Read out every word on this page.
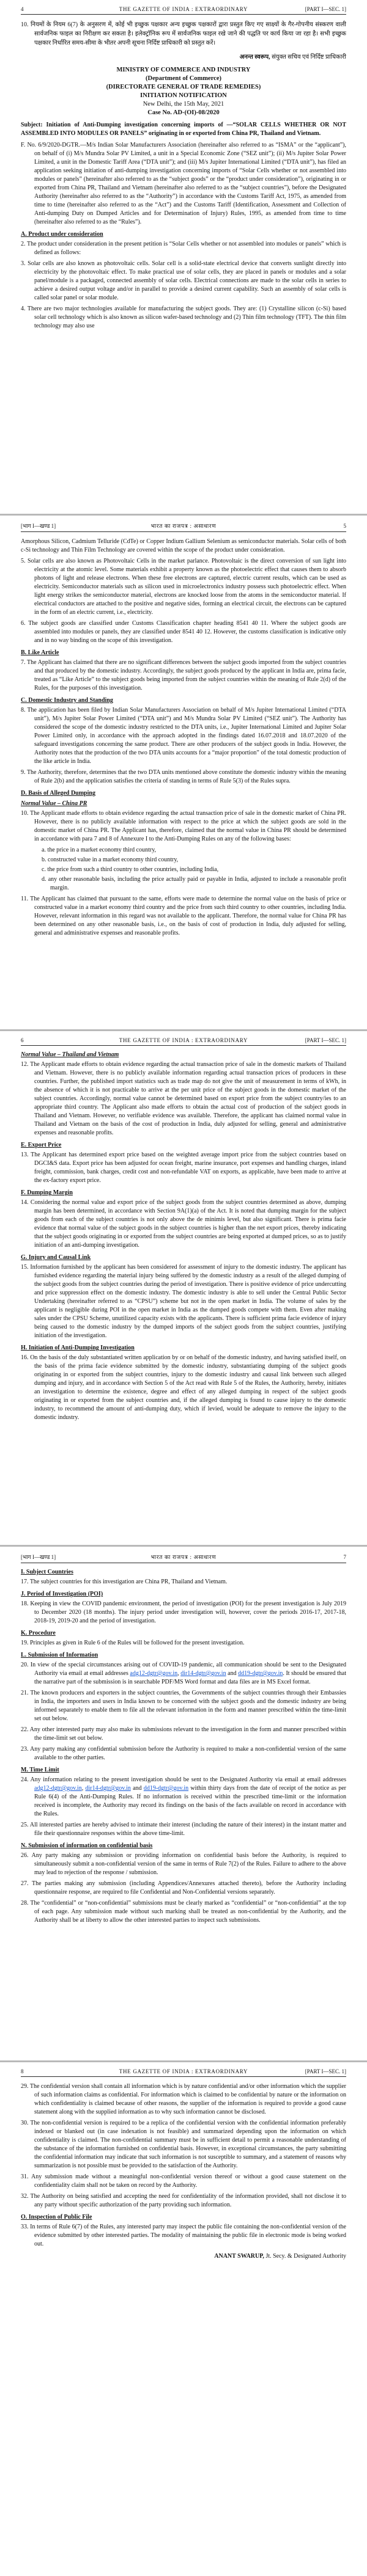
4	THE GAZETTE OF INDIA : EXTRAORDINARY	[PART I—SEC. 1]
10. नियमों के नियम 6(7) के अनुसरण में, कोई भी इच्छुक पक्षकार अन्य इच्छुक पक्षकारों द्वारा प्रस्तुत किए गए साक्ष्यों के गैर-गोपनीय संस्करण वाली सार्वजनिक फाइल का निरीक्षण कर सकता है। इलेक्ट्रॉनिक रूप में सार्वजनिक फाइल रखे जाने की पद्धति पर कार्य किया जा रहा है। सभी इच्छुक पक्षकार निर्धारित समय-सीमा के भीतर अपनी सूचना निर्दिष्ट प्राधिकारी को प्रस्तुत करें।
अनन्त स्वरूप, संयुक्त सचिव एवं निर्दिष्ट प्राधिकारी
MINISTRY OF COMMERCE AND INDUSTRY
(Department of Commerce)
(DIRECTORATE GENERAL OF TRADE REMEDIES)
INITIATION NOTIFICATION
New Delhi, the 15th May, 2021
Case No. AD-(OI)-08/2020
Subject: Initiation of Anti-Dumping investigation concerning imports of —“SOLAR CELLS WHETHER OR NOT ASSEMBLED INTO MODULES OR PANELS” originating in or exported from China PR, Thailand and Vietnam.
F. No. 6/9/2020-DGTR.—M/s Indian Solar Manufacturers Association (hereinafter also referred to as “ISMA” or the “applicant”), on behalf of (i) M/s Mundra Solar PV Limited, a unit in a Special Economic Zone (“SEZ unit”); (ii) M/s Jupiter Solar Power Limited, a unit in the Domestic Tariff Area (“DTA unit”); and (iii) M/s Jupiter International Limited (“DTA unit”), has filed an application seeking initiation of anti-dumping investigation concerning imports of “Solar Cells whether or not assembled into modules or panels” (hereinafter also referred to as the “subject goods” or the “product under consideration”), originating in or exported from China PR, Thailand and Vietnam (hereinafter also referred to as the “subject countries”), before the Designated Authority (hereinafter also referred to as the “Authority”) in accordance with the Customs Tariff Act, 1975, as amended from time to time (hereinafter also referred to as the “Act”) and the Customs Tariff (Identification, Assessment and Collection of Anti-dumping Duty on Dumped Articles and for Determination of Injury) Rules, 1995, as amended from time to time (hereinafter also referred to as the “Rules”).
A. Product under consideration
2. The product under consideration in the present petition is “Solar Cells whether or not assembled into modules or panels” which is defined as follows:
3. Solar cells are also known as photovoltaic cells. Solar cell is a solid-state electrical device that converts sunlight directly into electricity by the photovoltaic effect. To make practical use of solar cells, they are placed in panels or modules and a solar panel/module is a packaged, connected assembly of solar cells. Electrical connections are made to the solar cells in series to achieve a desired output voltage and/or in parallel to provide a desired current capability. Such an assembly of solar cells is called solar panel or solar module.
4. There are two major technologies available for manufacturing the subject goods. They are: (1) Crystalline silicon (c-Si) based solar cell technology which is also known as silicon wafer-based technology and (2) Thin film technology (TFT). The thin film technology may also use
[भाग I—खण्ड 1]	भारत का राजपत्र : असाधारण	5
Amorphous Silicon, Cadmium Telluride (CdTe) or Copper Indium Gallium Selenium as semiconductor materials. Solar cells of both c-Si technology and Thin Film Technology are covered within the scope of the product under consideration.
5. Solar cells are also known as Photovoltaic Cells in the market parlance. Photovoltaic is the direct conversion of sun light into electricity at the atomic level. Some materials exhibit a property known as the photoelectric effect that causes them to absorb photons of light and release electrons. When these free electrons are captured, electric current results, which can be used as electricity. Semiconductor materials such as silicon used in microelectronics industry possess such photoelectric effect. When light energy strikes the semiconductor material, electrons are knocked loose from the atoms in the semiconductor material. If electrical conductors are attached to the positive and negative sides, forming an electrical circuit, the electrons can be captured in the form of an electric current, i.e., electricity.
6. The subject goods are classified under Customs Classification chapter heading 8541 40 11. Where the subject goods are assembled into modules or panels, they are classified under 8541 40 12. However, the customs classification is indicative only and in no way binding on the scope of this investigation.
B. Like Article
7. The Applicant has claimed that there are no significant differences between the subject goods imported from the subject countries and that produced by the domestic industry. Accordingly, the subject goods produced by the applicant in India are, prima facie, treated as “Like Article” to the subject goods being imported from the subject countries within the meaning of Rule 2(d) of the Rules, for the purposes of this investigation.
C. Domestic Industry and Standing
8. The application has been filed by Indian Solar Manufacturers Association on behalf of M/s Jupiter International Limited (“DTA unit”), M/s Jupiter Solar Power Limited (“DTA unit”) and M/s Mundra Solar PV Limited (“SEZ unit”). The Authority has considered the scope of the domestic industry restricted to the DTA units, i.e., Jupiter International Limited and Jupiter Solar Power Limited only, in accordance with the approach adopted in the findings dated 16.07.2018 and 18.07.2020 of the safeguard investigations concerning the same product. There are other producers of the subject goods in India. However, the Authority notes that the production of the two DTA units accounts for a “major proportion” of the total domestic production of the like article in India.
9. The Authority, therefore, determines that the two DTA units mentioned above constitute the domestic industry within the meaning of Rule 2(b) and the application satisfies the criteria of standing in terms of Rule 5(3) of the Rules supra.
D. Basis of Alleged Dumping
Normal Value – China PR
10. The Applicant made efforts to obtain evidence regarding the actual transaction price of sale in the domestic market of China PR. However, there is no publicly available information with respect to the price at which the subject goods are sold in the domestic market of China PR. The Applicant has, therefore, claimed that the normal value in China PR should be determined in accordance with para 7 and 8 of Annexure I to the Anti-Dumping Rules on any of the following bases:
a. the price in a market economy third country,
b. constructed value in a market economy third country,
c. the price from such a third country to other countries, including India,
d. any other reasonable basis, including the price actually paid or payable in India, adjusted to include a reasonable profit margin.
11. The Applicant has claimed that pursuant to the same, efforts were made to determine the normal value on the basis of price or constructed value in a market economy third country and the price from such third country to other countries, including India. However, relevant information in this regard was not available to the applicant. Therefore, the normal value for China PR has been determined on any other reasonable basis, i.e., on the basis of cost of production in India, duly adjusted for selling, general and administrative expenses and reasonable profits.
6	THE GAZETTE OF INDIA : EXTRAORDINARY	[PART I—SEC. 1]
Normal Value – Thailand and Vietnam
12. The Applicant made efforts to obtain evidence regarding the actual transaction price of sale in the domestic markets of Thailand and Vietnam. However, there is no publicly available information regarding actual transaction prices of producers in these countries. Further, the published import statistics such as trade map do not give the unit of measurement in terms of kWh, in the absence of which it is not practicable to arrive at the per unit price of the subject goods in the domestic market of the subject countries. Accordingly, normal value cannot be determined based on export price from the subject country/ies to an appropriate third country. The Applicant also made efforts to obtain the actual cost of production of the subject goods in Thailand and Vietnam. However, no verifiable evidence was available. Therefore, the applicant has claimed normal value in Thailand and Vietnam on the basis of the cost of production in India, duly adjusted for selling, general and administrative expenses and reasonable profits.
E. Export Price
13. The Applicant has determined export price based on the weighted average import price from the subject countries based on DGCI&S data. Export price has been adjusted for ocean freight, marine insurance, port expenses and handling charges, inland freight, commission, bank charges, credit cost and non-refundable VAT on exports, as applicable, have been made to arrive at the ex-factory export price.
F. Dumping Margin
14. Considering the normal value and export price of the subject goods from the subject countries determined as above, dumping margin has been determined, in accordance with Section 9A(1)(a) of the Act. It is noted that dumping margin for the subject goods from each of the subject countries is not only above the de minimis level, but also significant. There is prima facie evidence that normal value of the subject goods in the subject countries is higher than the net export prices, thereby indicating that the subject goods originating in or exported from the subject countries are being exported at dumped prices, so as to justify initiation of an anti-dumping investigation.
G. Injury and Causal Link
15. Information furnished by the applicant has been considered for assessment of injury to the domestic industry. The applicant has furnished evidence regarding the material injury being suffered by the domestic industry as a result of the alleged dumping of the subject goods from the subject countries during the period of investigation. There is positive evidence of price undercutting and price suppression effect on the domestic industry. The domestic industry is able to sell under the Central Public Sector Undertaking (hereinafter referred to as “CPSU”) scheme but not in the open market in India. The volume of sales by the applicant is negligible during POI in the open market in India as the dumped goods compete with them. Even after making sales under the CPSU Scheme, unutilized capacity exists with the applicants. There is sufficient prima facie evidence of injury being caused to the domestic industry by the dumped imports of the subject goods from the subject countries, justifying initiation of the investigation.
H. Initiation of Anti-Dumping Investigation
16. On the basis of the duly substantiated written application by or on behalf of the domestic industry, and having satisfied itself, on the basis of the prima facie evidence submitted by the domestic industry, substantiating dumping of the subject goods originating in or exported from the subject countries, injury to the domestic industry and causal link between such alleged dumping and injury, and in accordance with Section 5 of the Act read with Rule 5 of the Rules, the Authority, hereby, initiates an investigation to determine the existence, degree and effect of any alleged dumping in respect of the subject goods originating in or exported from the subject countries and, if the alleged dumping is found to cause injury to the domestic industry, to recommend the amount of anti-dumping duty, which if levied, would be adequate to remove the injury to the domestic industry.
[भाग I—खण्ड 1]	भारत का राजपत्र : असाधारण	7
I. Subject Countries
17. The subject countries for this investigation are China PR, Thailand and Vietnam.
J. Period of Investigation (POI)
18. Keeping in view the COVID pandemic environment, the period of investigation (POI) for the present investigation is July 2019 to December 2020 (18 months). The injury period under investigation will, however, cover the periods 2016-17, 2017-18, 2018-19, 2019-20 and the period of investigation.
K. Procedure
19. Principles as given in Rule 6 of the Rules will be followed for the present investigation.
L. Submission of Information
20. In view of the special circumstances arising out of COVID-19 pandemic, all communication should be sent to the Designated Authority via email at email addresses adg12-dgtr@gov.in, dir14-dgtr@gov.in and dd19-dgtr@gov.in. It should be ensured that the narrative part of the submission is in searchable PDF/MS Word format and data files are in MS Excel format.
21. The known producers and exporters in the subject countries, the Governments of the subject countries through their Embassies in India, the importers and users in India known to be concerned with the subject goods and the domestic industry are being informed separately to enable them to file all the relevant information in the form and manner prescribed within the time-limit set out below.
22. Any other interested party may also make its submissions relevant to the investigation in the form and manner prescribed within the time-limit set out below.
23. Any party making any confidential submission before the Authority is required to make a non-confidential version of the same available to the other parties.
M. Time Limit
24. Any information relating to the present investigation should be sent to the Designated Authority via email at email addresses adg12-dgtr@gov.in, dir14-dgtr@gov.in and dd19-dgtr@gov.in within thirty days from the date of receipt of the notice as per Rule 6(4) of the Anti-Dumping Rules. If no information is received within the prescribed time-limit or the information received is incomplete, the Authority may record its findings on the basis of the facts available on record in accordance with the Rules.
25. All interested parties are hereby advised to intimate their interest (including the nature of their interest) in the instant matter and file their questionnaire responses within the above time-limit.
N. Submission of information on confidential basis
26. Any party making any submission or providing information on confidential basis before the Authority, is required to simultaneously submit a non-confidential version of the same in terms of Rule 7(2) of the Rules. Failure to adhere to the above may lead to rejection of the response / submission.
27. The parties making any submission (including Appendices/Annexures attached thereto), before the Authority including questionnaire response, are required to file Confidential and Non-Confidential versions separately.
28. The “confidential” or “non-confidential” submissions must be clearly marked as “confidential” or “non-confidential” at the top of each page. Any submission made without such marking shall be treated as non-confidential by the Authority, and the Authority shall be at liberty to allow the other interested parties to inspect such submissions.
8	THE GAZETTE OF INDIA : EXTRAORDINARY	[PART I—SEC. 1]
29. The confidential version shall contain all information which is by nature confidential and/or other information which the supplier of such information claims as confidential. For information which is claimed to be confidential by nature or the information on which confidentiality is claimed because of other reasons, the supplier of the information is required to provide a good cause statement along with the supplied information as to why such information cannot be disclosed.
30. The non-confidential version is required to be a replica of the confidential version with the confidential information preferably indexed or blanked out (in case indexation is not feasible) and summarized depending upon the information on which confidentiality is claimed. The non-confidential summary must be in sufficient detail to permit a reasonable understanding of the substance of the information furnished on confidential basis. However, in exceptional circumstances, the party submitting the confidential information may indicate that such information is not susceptible to summary, and a statement of reasons why summarization is not possible must be provided to the satisfaction of the Authority.
31. Any submission made without a meaningful non-confidential version thereof or without a good cause statement on the confidentiality claim shall not be taken on record by the Authority.
32. The Authority on being satisfied and accepting the need for confidentiality of the information provided, shall not disclose it to any party without specific authorization of the party providing such information.
O. Inspection of Public File
33. In terms of Rule 6(7) of the Rules, any interested party may inspect the public file containing the non-confidential version of the evidence submitted by other interested parties. The modality of maintaining the public file in electronic mode is being worked out.
ANANT SWARUP, Jt. Secy. & Designated Authority
